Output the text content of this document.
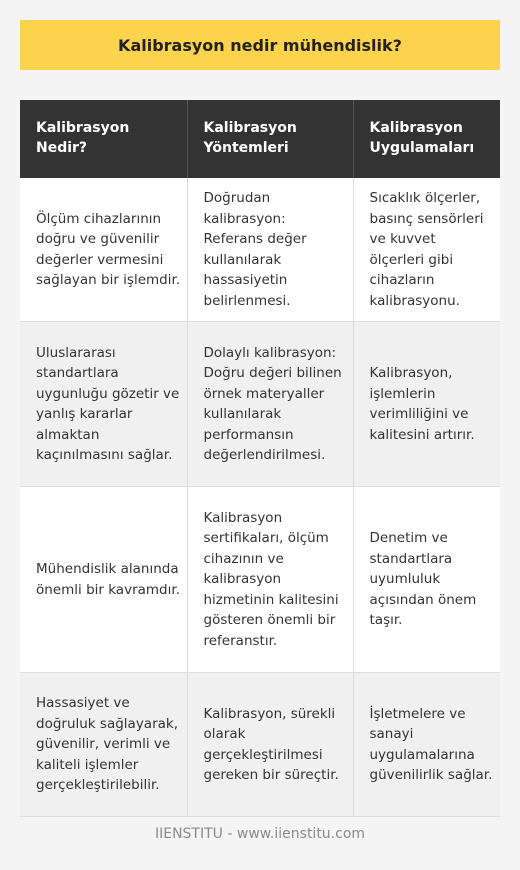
Kalibrasyon nedir mühendislik?
Kalibrasyon Nedir?	Kalibrasyon Yöntemleri	Kalibrasyon Uygulamaları
Ölçüm cihazlarının doğru ve güvenilir değerler vermesini sağlayan bir işlemdir.	Doğrudan kalibrasyon: Referans değer kullanılarak hassasiyetin belirlenmesi.	Sıcaklık ölçerler, basınç sensörleri ve kuvvet ölçerleri gibi cihazların kalibrasyonu.
Uluslararası standartlara uygunluğu gözetir ve yanlış kararlar almaktan kaçınılmasını sağlar.	Dolaylı kalibrasyon: Doğru değeri bilinen örnek materyaller kullanılarak performansın değerlendirilmesi.	Kalibrasyon, işlemlerin verimliliğini ve kalitesini artırır.
Mühendislik alanında önemli bir kavramdır.	Kalibrasyon sertifikaları, ölçüm cihazının ve kalibrasyon hizmetinin kalitesini gösteren önemli bir referanstır.	Denetim ve standartlara uyumluluk açısından önem taşır.
Hassasiyet ve doğruluk sağlayarak, güvenilir, verimli ve kaliteli işlemler gerçekleştirilebilir.	Kalibrasyon, sürekli olarak gerçekleştirilmesi gereken bir süreçtir.	İşletmelere ve sanayi uygulamalarına güvenilirlik sağlar.
IIENSTITU - www.iienstitu.com
